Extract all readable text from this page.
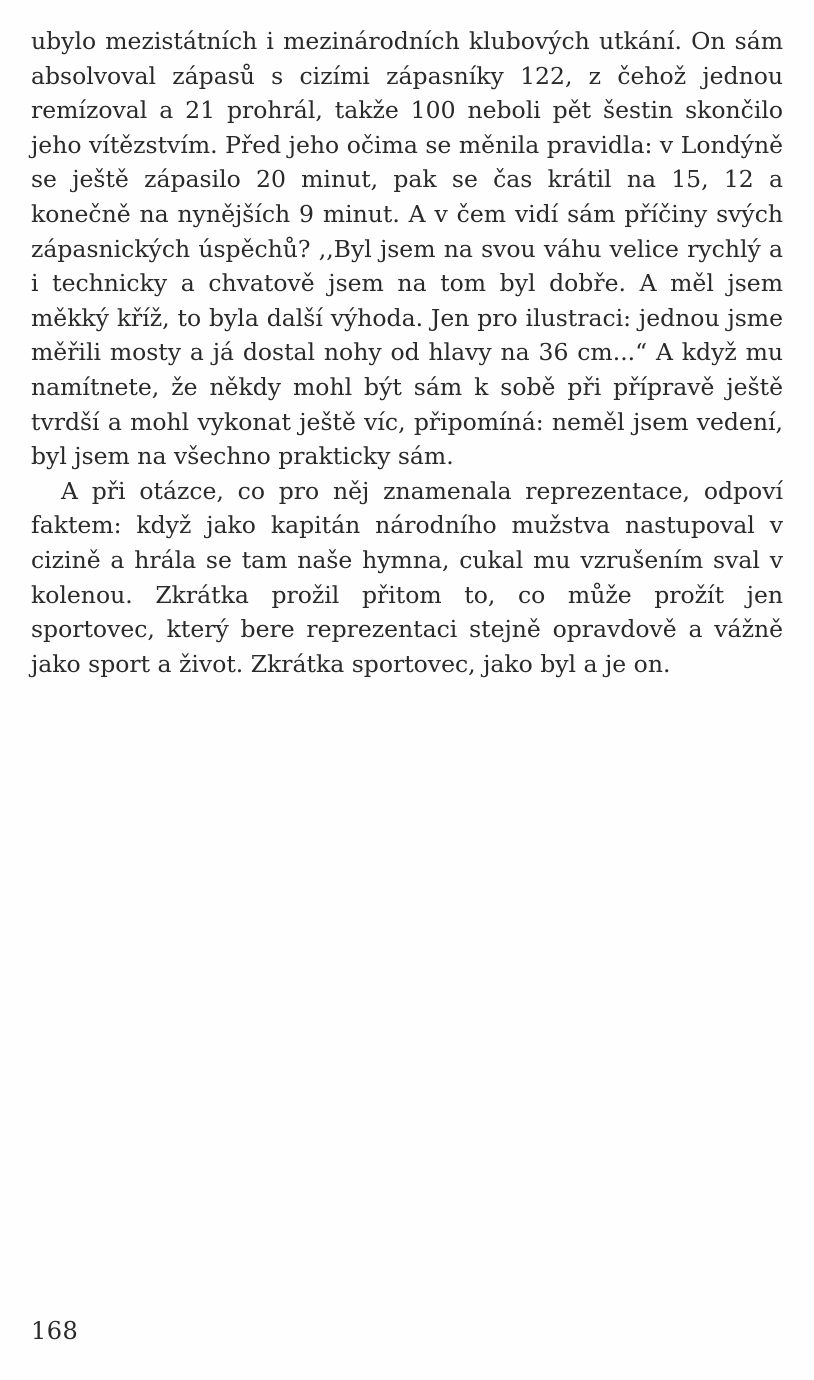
ubylo mezistátních i mezinárodních klubových utkání. On sám absolvoval zápasů s cizími zápasníky 122, z čehož jednou remízoval a 21 prohrál, takže 100 neboli pět šestin skončilo jeho vítězstvím. Před jeho očima se měnila pravidla: v Londýně se ještě zápasilo 20 minut, pak se čas krátil na 15, 12 a konečně na nynějších 9 minut. A v čem vidí sám příčiny svých zápasnických úspěchů? ,,Byl jsem na svou váhu velice rychlý a i technicky a chvatově jsem na tom byl dobře. A měl jsem měkký kříž, to byla další výhoda. Jen pro ilustraci: jednou jsme měřili mosty a já dostal nohy od hlavy na 36 cm...“ A když mu namítnete, že někdy mohl být sám k sobě při přípravě ještě tvrdší a mohl vykonat ještě víc, připomíná: neměl jsem vedení, byl jsem na všechno prakticky sám.

A při otázce, co pro něj znamenala reprezentace, odpoví faktem: když jako kapitán národního mužstva nastupoval v cizině a hrála se tam naše hymna, cukal mu vzrušením sval v kolenou. Zkrátka prožil přitom to, co může prožít jen sportovec, který bere reprezentaci stejně opravdově a vážně jako sport a život. Zkrátka sportovec, jako byl a je on.

168
